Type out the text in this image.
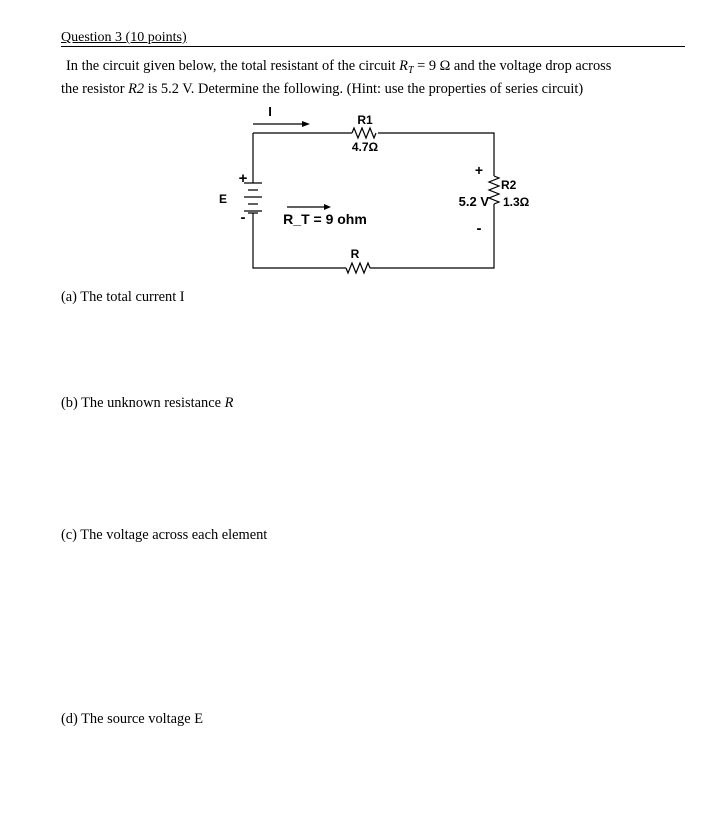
Question 3 (10 points)
In the circuit given below, the total resistant of the circuit $R_T = 9$ Ω and the voltage drop across
the resistor R2 is 5.2 V. Determine the following. (Hint: use the properties of series circuit)
I
R1
4.7Ω
E
+
-	R_T = 9 ohm
R
+
R2
5.2 V 1.3Ω
-
(a) The total current I
(b) The unknown resistance R
(c) The voltage across each element
(d) The source voltage E
